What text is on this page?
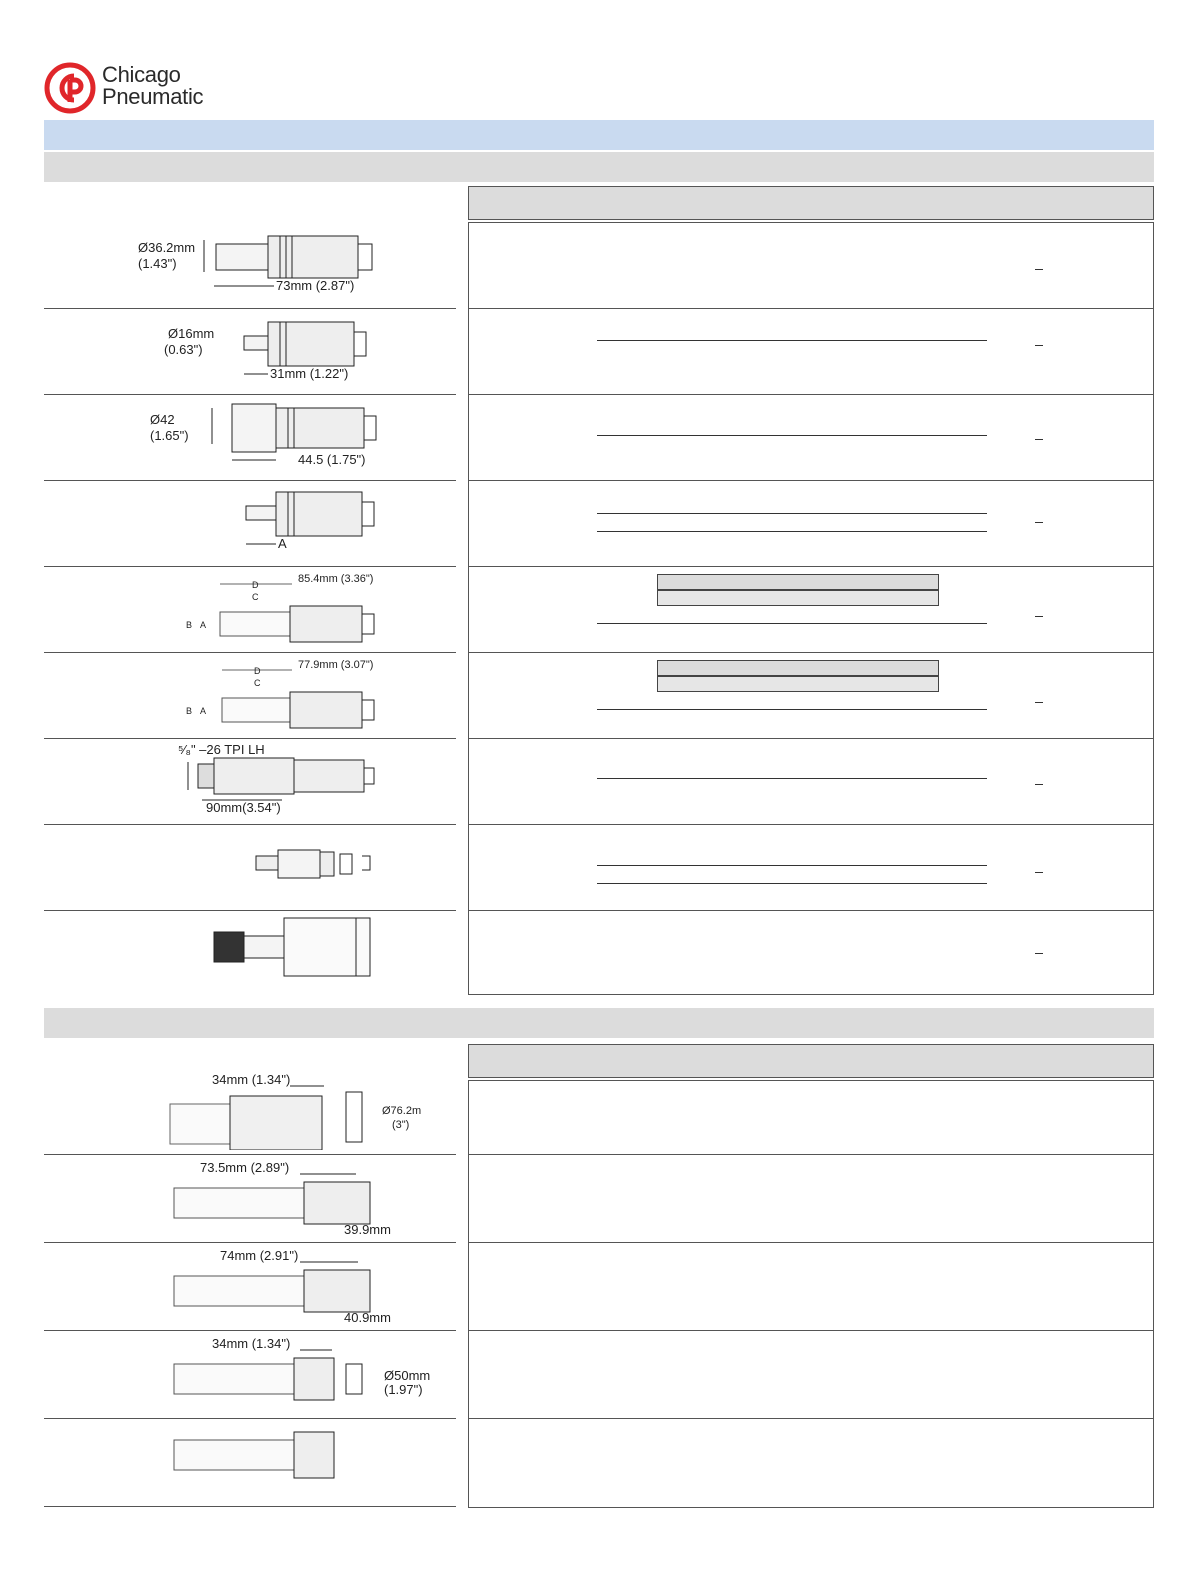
Chicago
Pneumatic
Ø36.2mm
(1.43")
73mm (2.87")
Ø16mm
(0.63")
31mm (1.22")
Ø42
(1.65")
44.5 (1.75")
A
85.4mm (3.36")
D
C
B A
77.9mm (3.07")
D
C
B A
⁵⁄₈" –26 TPI LH
90mm(3.54")
34mm (1.34")
Ø76.2m
(3")
73.5mm (2.89")
39.9mm
74mm (2.91")
40.9mm
34mm (1.34")
Ø50mm
(1.97")
